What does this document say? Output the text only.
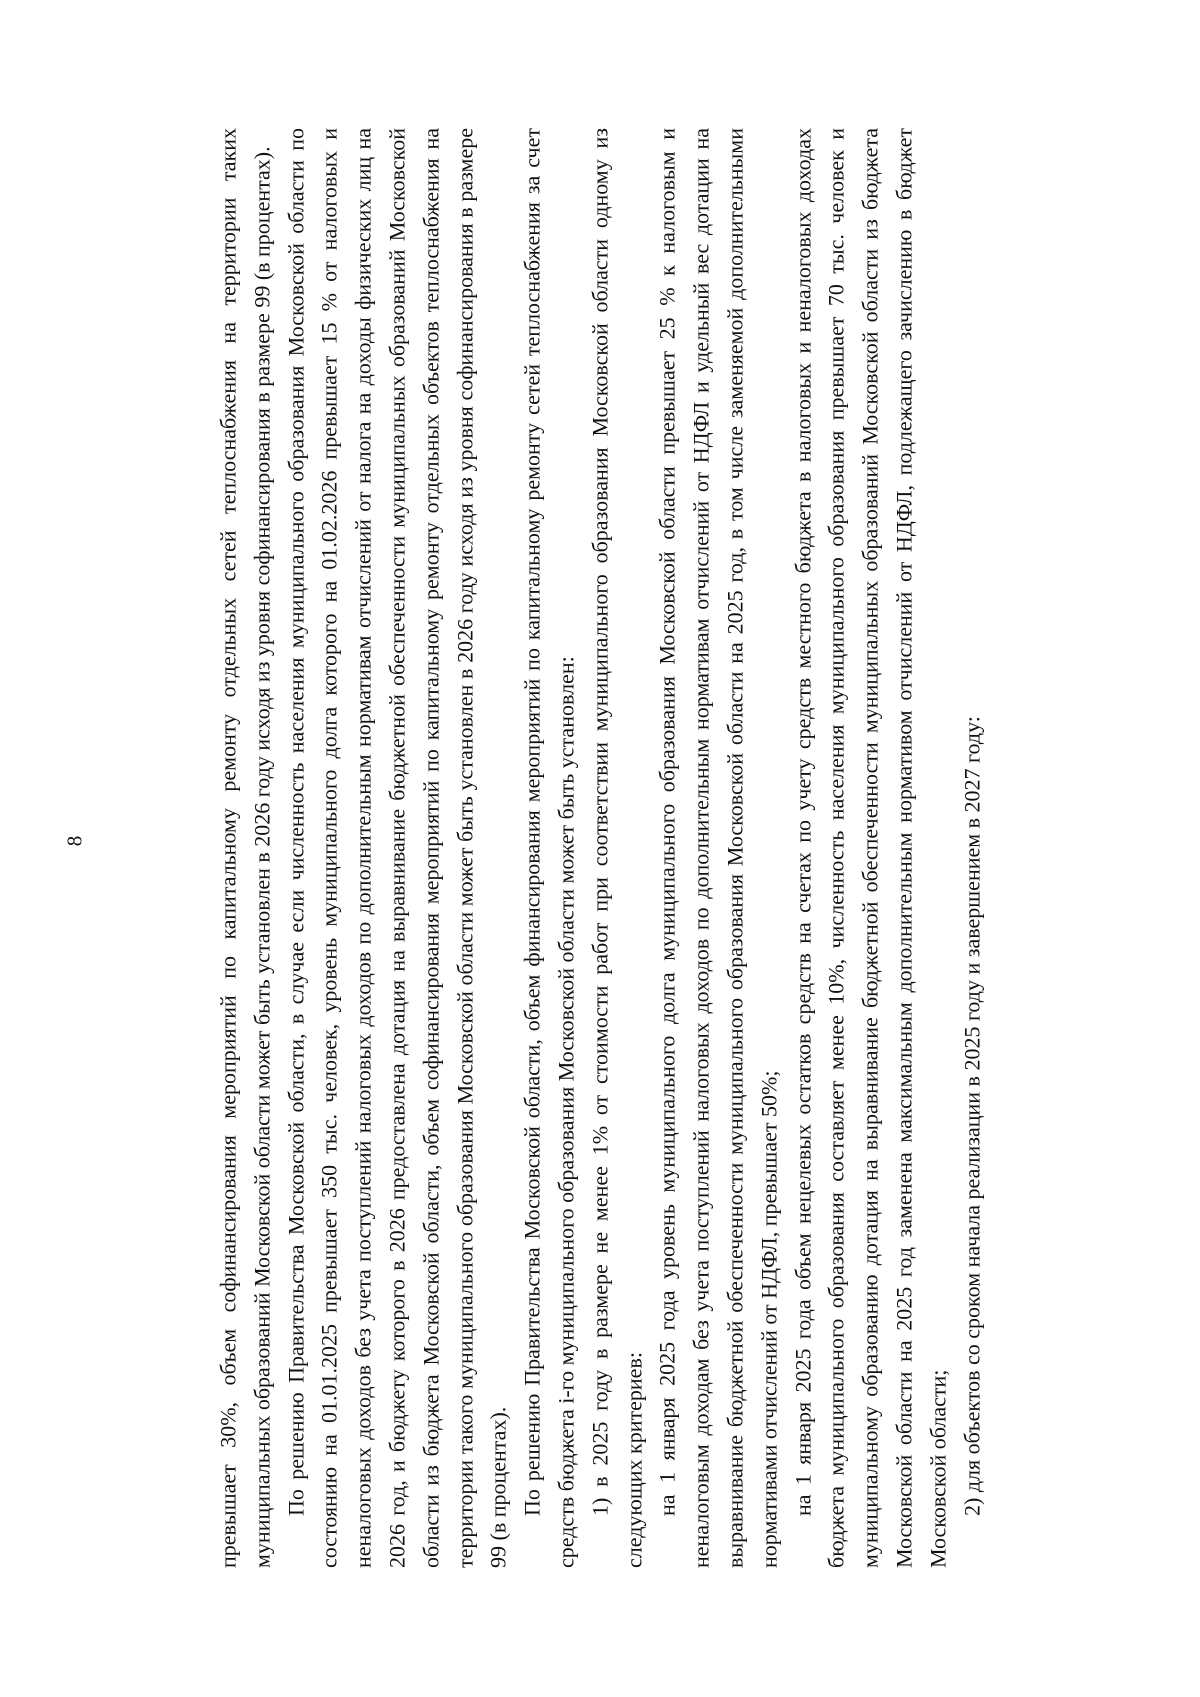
8	превышает 30%, объем софинансирования мероприятий по капитальному ремонту отдельных сетей теплоснабжения на территории таких муниципальных образований Московской области может быть установлен в 2026 году исходя из уровня софинансирования в размере 99 (в процентах). По решению Правительства Московской области, в случае если численность населения муниципального образования Московской области по состоянию на 01.01.2025 превышает 350 тыс. человек, уровень муниципального долга которого на 01.02.2026 превышает 15 % от налоговых и неналоговых доходов без учета поступлений налоговых доходов по дополнительным нормативам отчислений от налога на доходы физических лиц на 2026 год, и бюджету которого в 2026 предоставлена дотация на выравнивание бюджетной обеспеченности муниципальных образований Московской области из бюджета Московской области, объем софинансирования мероприятий по капитальному ремонту отдельных объектов теплоснабжения на территории такого муниципального образования Московской области может быть установлен в 2026 году исходя из уровня софинансирования в размере 99 (в процентах). По решению Правительства Московской области, объем финансирования мероприятий по капитальному ремонту сетей теплоснабжения за счет средств бюджета i-го муниципального образования Московской области может быть установлен: 1) в 2025 году в размере не менее 1% от стоимости работ при соответствии муниципального образования Московской области одному из следующих критериев: на 1 января 2025 года уровень муниципального долга муниципального образования Московской области превышает 25 % к налоговым и неналоговым доходам без учета поступлений налоговых доходов по дополнительным нормативам отчислений от НДФЛ и удельный вес дотации на выравнивание бюджетной обеспеченности муниципального образования Московской области на 2025 год, в том числе заменяемой дополнительными нормативами отчислений от НДФЛ, превышает 50%; на 1 января 2025 года объем нецелевых остатков средств на счетах по учету средств местного бюджета в налоговых и неналоговых доходах бюджета муниципального образования составляет менее 10%, численность населения муниципального образования превышает 70 тыс. человек и муниципальному образованию дотация на выравнивание бюджетной обеспеченности муниципальных образований Московской области из бюджета Московской области на 2025 год заменена максимальным дополнительным нормативом отчислений от НДФЛ, подлежащего зачислению в бюджет Московской области; 2) для объектов со сроком начала реализации в 2025 году и завершением в 2027 году:
